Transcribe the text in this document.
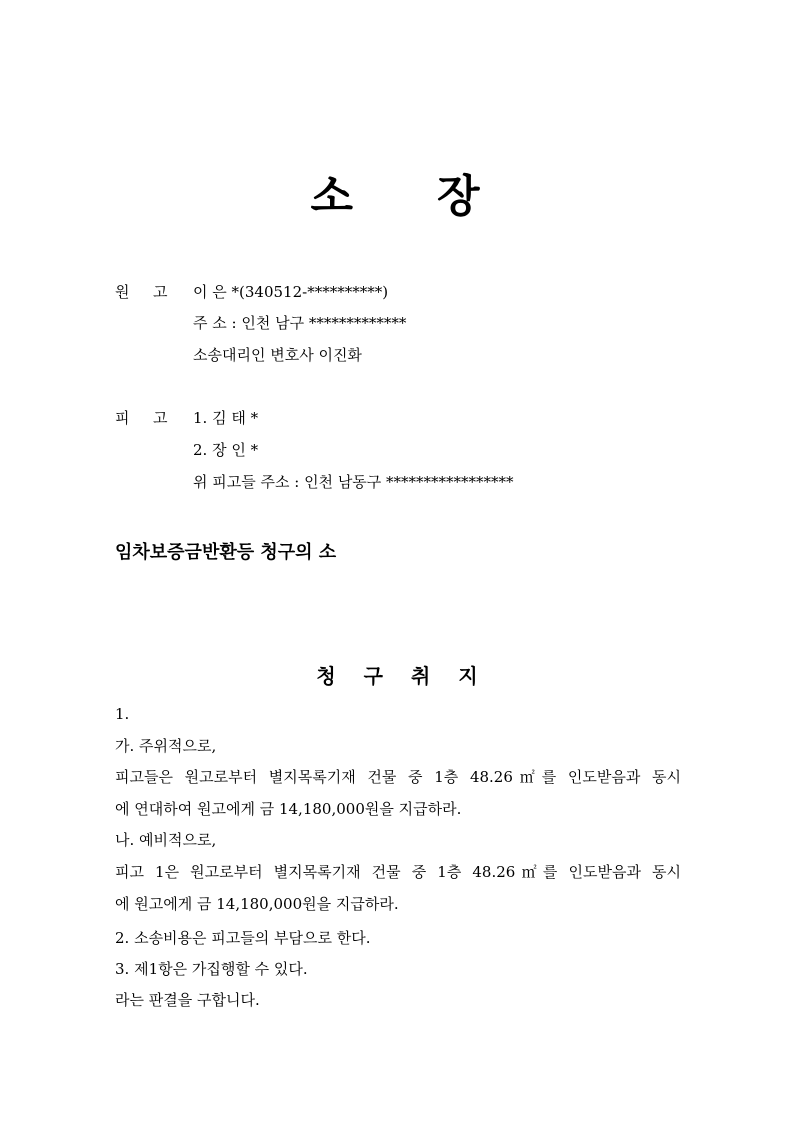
소 장
원 고 이 은 *(340512-**********)
주 소 : 인천 남구 *************
소송대리인 변호사 이진화
피 고 1. 김 태 *
2. 장 인 *
위 피고들 주소 : 인천 남동구 *****************
임차보증금반환등 청구의 소
청 구 취 지
1.
가. 주위적으로,
피고들은 원고로부터 별지목록기재 건물 중 1층 48.26㎡를 인도받음과 동시
에 연대하여 원고에게 금 14,180,000원을 지급하라.
나. 예비적으로,
피고 1은 원고로부터 별지목록기재 건물 중 1층 48.26㎡를 인도받음과 동시
에 원고에게 금 14,180,000원을 지급하라.
2. 소송비용은 피고들의 부담으로 한다.
3. 제1항은 가집행할 수 있다.
라는 판결을 구합니다.
